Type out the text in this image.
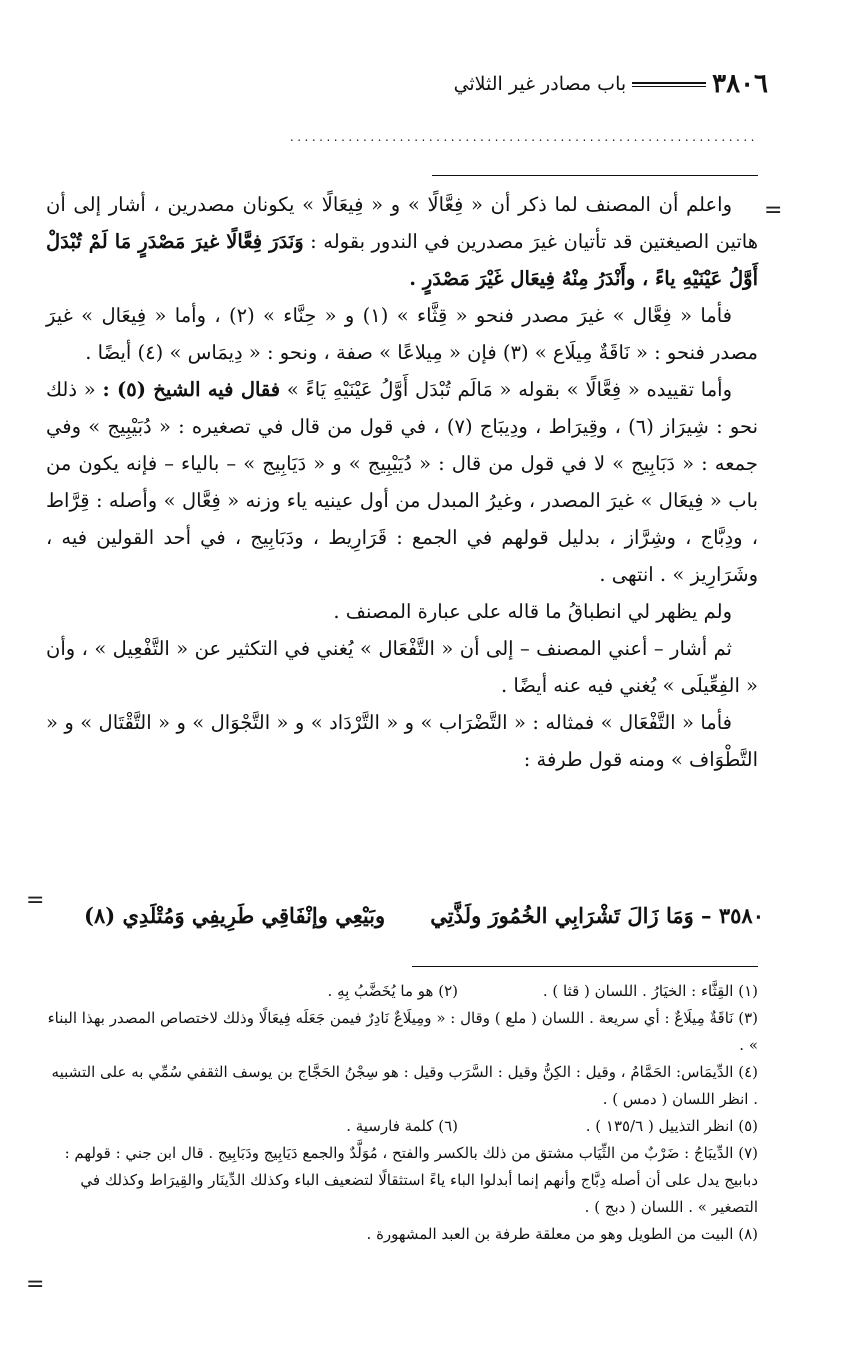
٣٨٠٦
باب مصادر غير الثلاثي
................................................................
=
=
=

واعلم أن المصنف لما ذكر أن « فِعَّالًا » و « فِيعَالًا » يكونان مصدرين ، أشار إلى أن هاتين الصيغتين قد تأتيان غيرَ مصدرين في الندور بقوله : وَنَدَرَ فِعَّالًا غيرَ مَصْدَرٍ مَا لَمْ تُبْدَلْ أَوَّلُ عَيْنَيْهِ ياءً ، وأَنْدَرُ مِنْهُ فِيعَال غَيْرَ مَصْدَرٍ .

فأما « فِعَّال » غيرَ مصدر فنحو « قِثَّاء » (١) و « حِنَّاء » (٢) ، وأما « فِيعَال » غيرَ مصدر فنحو : « نَاقَةٌ مِيلَاع » (٣) فإن « مِيلاعًا » صفة ، ونحو : « دِيمَاس » (٤) أيضًا .

وأما تقييده « فِعَّالًا » بقوله « مَالَم تُبْدَل أَوَّلُ عَيْنَيْهِ يَاءً » فقال فيه الشيخ (٥) : « ذلك نحو : شِيرَاز (٦) ، وقِيرَاط ، ودِيبَاج (٧) ، في قول من قال في تصغيره : « دُبَيْبِيج » وفي جمعه : « دَبَابِيج » لا في قول من قال : « دُيَيْبِيج » و « دَيَابِيج » – بالياء – فإنه يكون من باب « فِيعَال » غيرَ المصدر ، وغيرُ المبدل من أول عينيه ياء وزنه « فِعَّال » وأصله : قِرَّاط ، ودِبَّاج ، وشِرَّاز ، بدليل قولهم في الجمع : قَرَارِيط ، ودَبَابِيج ، في أحد القولين فيه ، وشَرَارِيز » . انتهى .

ولم يظهر لي انطباقُ ما قاله على عبارة المصنف .

ثم أشار – أعني المصنف – إلى أن « التَّفْعَال » يُغني في التكثير عن « التَّفْعِيل » ، وأن « الفِعِّيلَى » يُغني فيه عنه أيضًا .

فأما « التَّفْعَال » فمثاله : « التَّضْرَاب » و « التَّرْدَاد » و « التَّجْوَال » و « التَّقْتَال » و « التَّطْوَاف » ومنه قول طرفة :

٣٥٨٠ – وَمَا زَالَ تَشْرَابِي الخُمُورَ ولَذَّتِي
وبَيْعِي وإنْفَاقِي طَرِيفِي وَمُتْلَدِي (٨)
(١) القِثَّاء : الخيَارُ . اللسان ( قثا ) .
(٢) هو ما يُخَضَّبُ بِهِ .

(٣) نَاقَةٌ مِيلَاعٌ : أي سريعة . اللسان ( ملع ) وقال : « ومِيلَاعٌ نَادِرٌ فيمن جَعَلَه فِيعَالًا وذلك لاختصاص المصدر بهذا البناء » .

(٤) الدِّيمَاس: الحَمَّامُ ، وقيل : الكِنُّ وقيل : السَّرَب وقيل : هو سِجْنُ الحَجَّاج بن يوسف الثقفي سُمِّي به على التشبيه . انظر اللسان ( دمس ) .

(٥) انظر التذييل ( ١٣٥/٦ ) .
(٦) كلمة فارسية .

(٧) الدِّيبَاجُ : ضَرْبٌ من الثِّيَاب مشتق من ذلك بالكسر والفتح ، مُوَلَّدٌ والجمع دَيَابِيج ودَبَابِيج . قال ابن جني : قولهم : دبابيج يدل على أن أصله دِبَّاج وأنهم إنما أبدلوا الباء ياءً استثقالًا لتضعيف الباء وكذلك الدِّينَار والقِيرَاط وكذلك في التصغير » . اللسان ( دبج ) .

(٨) البيت من الطويل وهو من معلقة طرفة بن العبد المشهورة .
